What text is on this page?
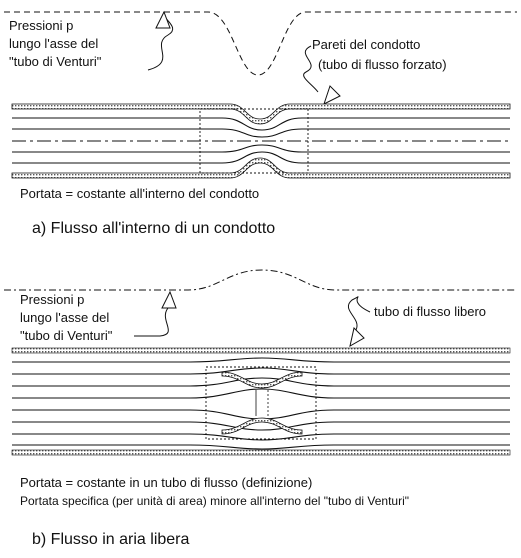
Pressioni p
lungo l'asse del
"tubo di Venturi"
Pareti del condotto
(tubo di flusso forzato)
Portata = costante all'interno del condotto
a) Flusso all'interno di un condotto
Pressioni p
lungo l'asse del
"tubo di Venturi"
tubo di flusso libero
Portata = costante in un tubo di flusso (definizione)
Portata specifica (per unità di area) minore all'interno del "tubo di Venturi"
b) Flusso in aria libera
